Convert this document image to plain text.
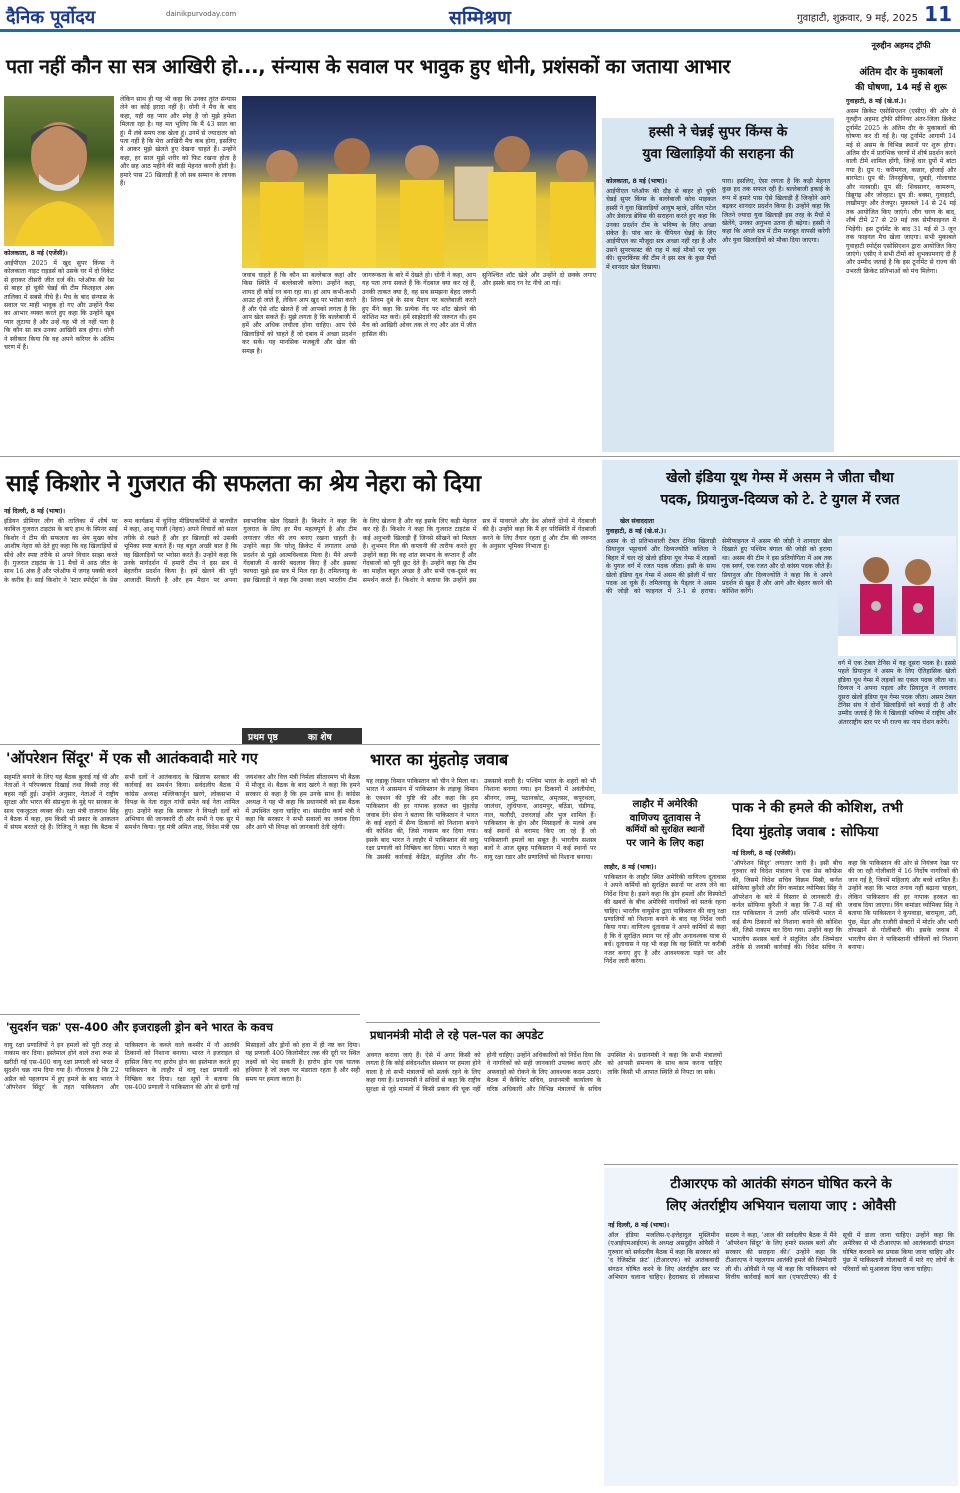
दैनिक पूर्वोदय	dainikpurvoday.com	सम्मिश्रण	गुवाहाटी, शुक्रवार, 9 मई, 2025 11
पता नहीं कौन सा सत्र आखिरी हो..., संन्यास के सवाल पर भावुक हुए धोनी, प्रशंसकों का जताया आभार
कोलकाता, 8 मई (एजेंसी)।
आईपीएल 2025 में खुद सुपर किंग्स ने कोलकाता नाइट राइडर्स को उसके घर में दो विकेट से हराकर तीसरी जीत दर्ज की। प्लेऑफ की रेस से बाहर हो चुकी चेन्नई की टीम फिलहाल अंक तालिका में सबसे नीचे है। मैच के बाद संन्यास के सवाल पर माही भावुक हो गए और उन्होंने फैंस का आभार व्यक्त करते हुए कहा कि उन्होंने खूब प्यार लुटाया है और उन्हें यह भी तो नहीं पता है कि कौन सा सत्र उनका आखिरी सत्र होगा। धोनी ने स्वीकार किया कि वह अपने करियर के अंतिम चरण में हैं।
लेकिन साथ ही यह भी कहा कि उनका तुरंत संन्यास लेने का कोई इरादा नहीं है। धोनी ने मैच के बाद कहा, यही वह प्यार और स्नेह है जो मुझे हमेशा मिलता रहा है। यह मत भूलिए कि मैं 43 साल का हूं। मैं लंबे समय तक खेला हूं। उनमें से ज्यादातर को पता नहीं है कि मेरा आखिरी मैच कब होगा, इसलिए वे आकर मुझे खेलते हुए देखना चाहते हैं। उन्होंने कहा, हर साल मुझे शरीर को फिट रखना होता है और छह आठ महीने की कड़ी मेहनत करनी होती है। हमारे पास 25 खिलाड़ी हैं जो सब सम्मान के लायक हैं।
जवाब चाहते हैं कि कौन सा बल्लेबाज कहां और किस स्थिति में बल्लेबाजी करेगा। उन्होंने कहा, शायद ही कोई रन बना रहा था। हां आप कभी-कभी आउट हो जाते हैं, लेकिन आप खुद पर भरोसा करते हैं और ऐसे शॉट खेलते हैं जो आपको लगता है कि आप खेल सकते हैं। मुझे लगता है कि बल्लेबाजी में हमें और अधिक लचीला होना चाहिए। आप ऐसे खिलाड़ियों को चाहते हैं जो दबाव में अच्छा प्रदर्शन कर सकें। यह मानसिक मजबूती और खेल की समझ है।
जागरूकता के बारे में देखते हो। धोनी ने कहा, आप यह पता लगा सकते हैं कि गेंदबाज क्या कर रहे हैं, उनकी ताकत क्या है, वह सब समझना बेहद जरूरी है। शिवम दुबे के साथ मैदान पर बल्लेबाजी करते हुए मैंने कहा कि प्रत्येक गेंद पर शॉट खेलने की कोशिश मत करो। हमें साझेदारी की जरूरत थी। हम मैच को आखिरी ओवर तक ले गए और अंत में जीत हासिल की।
सुनिश्चित शॉट खेले और उन्होंने दो छक्के लगाए और इसके बाद रन रेट नीचे आ गई।
हस्सी ने चेन्नई सुपर किंग्स के
युवा खिलाड़ियों की सराहना की
कोलकाता, 8 मई (भाषा)।
आईपीएल प्लेऑफ की दौड़ से बाहर हो चुकी चेन्नई सुपर किंग्स के बल्लेबाजी कोच माइकल हस्सी ने युवा खिलाड़ियों आयुष म्हात्रे, उर्विल पटेल और डेवाल्ड ब्रेविस की सराहना करते हुए कहा कि उनका प्रदर्शन टीम के भविष्य के लिए अच्छा संकेत है। पांच बार के चैंपियन चेन्नई के लिए आईपीएल का मौजूदा सत्र अच्छा नहीं रहा है और उसने सुपरफास्ट की राह में कई मौकों पर चूक की। सुपरकिंग्स की टीम ने इस सत्र के कुछ मैचों में शानदार खेल दिखाया।
पारा। इसलिए, ऐसा लगता है कि कड़ी मेहनत कुछ हद तक सफल रही है। बल्लेबाजी इकाई के रूप में हमारे पास ऐसे खिलाड़ी हैं जिन्होंने आगे बढ़कर शानदार प्रदर्शन किया है। उन्होंने कहा कि जितने ज्यादा युवा खिलाड़ी इस तरह के मैचों में खेलेंगे, उनका अनुभव उतना ही बढ़ेगा। हस्सी ने कहा कि अगले सत्र में टीम मजबूत वापसी करेगी और युवा खिलाड़ियों को मौका दिया जाएगा।
नूरुद्दीन अहमद ट्रॉफी
अंतिम दौर के मुकाबलों
की घोषणा, 14 मई से शुरू
गुवाहाटी, 8 मई (खे.सं.)।
असम क्रिकेट एसोसिएशन (एसीए) की ओर से नूरुद्दीन अहमद ट्रॉफी सीनियर अंतर-जिला क्रिकेट टूर्नामेंट 2025 के अंतिम दौर के मुकाबलों की घोषणा कर दी गई है। यह टूर्नामेंट आगामी 14 मई से असम के विभिन्न स्थानों पर शुरू होगा। अंतिम दौर में प्रारंभिक चरणों में शीर्ष प्रदर्शन करने वाली टीमें शामिल होंगी, जिन्हें चार ग्रुपों में बांटा गया है। ग्रुप ए: करीमगंज, कछार, होजाई और बारपेटा। ग्रुप बी: तिनसुकिया, धुबड़ी, गोलाघाट और नलबाड़ी। ग्रुप सी: शिवसागर, कामरूप, डिब्रूगढ़ और जोरहाट। ग्रुप डी: बक्सा, गुवाहाटी, लखीमपुर और तेजपुर। मुकाबले 14 से 24 मई तक आयोजित किए जाएंगे। लीग चरण के बाद, शीर्ष टीमें 27 से 29 मई तक सेमीफाइनल में भिड़ेंगी। इस टूर्नामेंट के बाद 31 मई से 3 जून तक फाइनल मैच खेला जाएगा। सभी मुकाबले गुवाहाटी स्पोर्ट्स एसोसिएशन द्वारा आयोजित किए जाएंगे। एसीए ने सभी टीमों को शुभकामनाएं दी हैं और उम्मीद जताई है कि इस टूर्नामेंट से राज्य की उभरती क्रिकेट प्रतिभाओं को मंच मिलेगा।
साई किशोर ने गुजरात की सफलता का श्रेय नेहरा को दिया
नई दिल्ली, 8 मई (भाषा)।
इंडियन प्रीमियर लीग की तालिका में शीर्ष पर काबिज गुजरात टाइटंस के बाएं हाथ के स्पिनर साई किशोर ने टीम की सफलता का श्रेय मुख्य कोच आशीष नेहरा को देते हुए कहा कि वह खिलाड़ियों से सीधे और स्पष्ट तरीके से अपने विचार साझा करते हैं। गुजरात टाइटंस के 11 मैचों में आठ जीत के साथ 16 अंक हैं और प्लेऑफ में जगह पक्की करने के करीब है। साई किशोर ने 'स्टार स्पोर्ट्स' के प्रेस रूम कार्यक्रम में चुनिंदा मीडियाकर्मियों से बातचीत में कहा, आशु पाजी (नेहरा) अपने विचारों को सरल तरीके से रखते हैं और हर खिलाड़ी को उसकी भूमिका स्पष्ट बताते हैं। यह बहुत अच्छी बात है कि वह खिलाड़ियों पर भरोसा करते हैं। उन्होंने कहा कि उनके मार्गदर्शन में हमारी टीम ने इस सत्र में बेहतरीन प्रदर्शन किया है। हमें खेलने की पूरी आजादी मिलती है और हम मैदान पर अपना स्वाभाविक खेल दिखाते हैं। किशोर ने कहा कि गुजरात के लिए हर मैच महत्वपूर्ण है और टीम लगातार जीत की लय बनाए रखना चाहती है। उन्होंने कहा कि घरेलू क्रिकेट में लगातार अच्छे प्रदर्शन से मुझे आत्मविश्वास मिला है। मैंने अपनी गेंदबाजी में काफी बदलाव किए हैं और इसका फायदा मुझे इस सत्र में मिल रहा है। तमिलनाडु के इस खिलाड़ी ने कहा कि उनका लक्ष्य भारतीय टीम के लिए खेलना है और वह इसके लिए कड़ी मेहनत कर रहे हैं। किशोर ने कहा कि गुजरात टाइटंस में कई अनुभवी खिलाड़ी हैं जिनसे सीखने को मिलता है। शुभमन गिल की कप्तानी की तारीफ करते हुए उन्होंने कहा कि वह शांत स्वभाव के कप्तान हैं और गेंदबाजों को पूरी छूट देते हैं। उन्होंने कहा कि टीम का माहौल बहुत अच्छा है और सभी एक-दूसरे का समर्थन करते हैं। किशोर ने बताया कि उन्होंने इस सत्र में पावरप्ले और डेथ ओवरों दोनों में गेंदबाजी की है। उन्होंने कहा कि मैं हर परिस्थिति में गेंदबाजी करने के लिए तैयार रहता हूं और टीम की जरूरत के अनुसार भूमिका निभाता हूं।
खेलो इंडिया यूथ गेम्स में असम ने जीता चौथा
पदक, प्रियानुज-दिव्यज को टे. टे युगल में रजत
खेल संवाददाता
गुवाहाटी, 8 मई (खे.सं.)।
असम के दो प्रतिभाशाली टेबल टेनिस खिलाड़ी प्रियानुज भट्टाचार्य और दिव्यज्योति कलिता ने बिहार में चल रहे खेलो इंडिया यूथ गेम्स में लड़कों के युगल वर्ग में रजत पदक जीता। इसी के साथ खेलो इंडिया यूथ गेम्स में असम की झोली में चार पदक आ चुके हैं। तमिलनाडु के पैड्लर ने असम की जोड़ी को फाइनल में 3-1 से हराया। सेमीफाइनल में असम की जोड़ी ने शानदार खेल दिखाते हुए पश्चिम बंगाल की जोड़ी को हराया था। असम की टीम ने इस प्रतियोगिता में अब तक एक स्वर्ण, एक रजत और दो कांस्य पदक जीते हैं। प्रियानुज और दिव्यज्योति ने कहा कि वे अपने प्रदर्शन से खुश हैं और आगे और बेहतर करने की कोशिश करेंगे।
वर्ग में एक टेबल टेनिस में यह दूसरा पदक है। इससे पहले प्रियानुज ने असम के लिए ऐतिहासिक खेलो इंडिया यूथ गेम्स में लड़कों का एकल पदक जीता था। दिव्यज ने अपना पहला और प्रियानुज ने लगातार दूसरा खेलो इंडिया यूथ गेम्स पदक जीता। असम टेबल टेनिस संघ ने दोनों खिलाड़ियों को बधाई दी है और उम्मीद जताई है कि ये खिलाड़ी भविष्य में राष्ट्रीय और अंतरराष्ट्रीय स्तर पर भी राज्य का नाम रोशन करेंगे।
प्रथम पृष्ठ	का शेष
'ऑपरेशन सिंदूर' में एक सौ आतंकवादी मारे गए
सहमति बनाने के लिए यह बैठक बुलाई गई थी और नेताओं ने परिपक्वता दिखाई तथा किसी तरह की बहस नहीं हुई। उन्होंने अनुसार, नेताओं ने राष्ट्रीय सुरक्षा और भारत की संप्रभुता के मुद्दे पर सरकार के साथ एकजुटता व्यक्त की। रक्षा मंत्री राजनाथ सिंह ने बैठक में कहा, हम किसी भी प्रकार के आकलन में संयम बरतते रहे हैं। रिजिजू ने कहा कि बैठक में सभी दलों ने आतंकवाद के खिलाफ सरकार की कार्रवाई का समर्थन किया। सर्वदलीय बैठक में कांग्रेस अध्यक्ष मल्लिकार्जुन खरगे, लोकसभा में विपक्ष के नेता राहुल गांधी समेत कई नेता शामिल हुए। उन्होंने कहा कि सरकार ने विपक्षी दलों को अभियान की जानकारी दी और सभी ने एक सुर में समर्थन किया। गृह मंत्री अमित शाह, विदेश मंत्री एस जयशंकर और वित्त मंत्री निर्मला सीतारमण भी बैठक में मौजूद थे। बैठक के बाद खरगे ने कहा कि हमने सरकार से कहा है कि हम उनके साथ हैं। कांग्रेस अध्यक्ष ने यह भी कहा कि प्रधानमंत्री को इस बैठक में उपस्थित रहना चाहिए था। संसदीय कार्य मंत्री ने कहा कि सरकार ने सभी सवालों का जवाब दिया और आगे भी विपक्ष को जानकारी देती रहेगी।
भारत का मुंहतोड़ जवाब
यह लड़ाकू विमान पाकिस्तान को चीन ने मिला था। भारत ने आसमान में पाकिस्तान के लड़ाकू विमान के एक्शन की पुष्टि की और कहा कि हम पाकिस्तान की हर नापाक हरकत का मुंहतोड़ जवाब देंगे। सेना ने बताया कि पाकिस्तान ने भारत के कई शहरों में सैन्य ठिकानों को निशाना बनाने की कोशिश की, जिसे नाकाम कर दिया गया। इसके बाद भारत ने लाहौर में पाकिस्तान की वायु रक्षा प्रणाली को निष्क्रिय कर दिया। भारत ने कहा कि उसकी कार्रवाई केंद्रित, संतुलित और गैर-उकसावे वाली है। पश्चिम भारत के शहरों को भी निशाना बनाया गया। इन ठिकानों में अवंतीपोरा, श्रीनगर, जम्मू, पठानकोट, अमृतसर, कपूरथला, जालंधर, लुधियाना, आदमपुर, बठिंडा, चंडीगढ़, नाल, फलौदी, उत्तरलाई और भुज शामिल हैं। पाकिस्तान के ड्रोन और मिसाइलों के मलबे अब कई स्थानों से बरामद किए जा रहे हैं जो पाकिस्तानी हमलों का सबूत हैं। भारतीय सशस्त्र बलों ने आज सुबह पाकिस्तान में कई स्थानों पर वायु रक्षा रडार और प्रणालियों को निशाना बनाया।
लाहौर में अमेरिकी
वाणिज्य दूतावास ने
कर्मियों को सुरक्षित स्थानों
पर जाने के लिए कहा
लाहौर, 8 मई (भाषा)।
पाकिस्तान के लाहौर स्थित अमेरिकी वाणिज्य दूतावास ने अपने कर्मियों को सुरक्षित स्थानों पर शरण लेने का निर्देश दिया है। इसने कहा कि ड्रोन हमलों और विस्फोटों की खबरों के बीच अमेरिकी नागरिकों को सतर्क रहना चाहिए। भारतीय वायुसेना द्वारा पाकिस्तान की वायु रक्षा प्रणालियों को निशाना बनाने के बाद यह निर्देश जारी किया गया। वाणिज्य दूतावास ने अपने कर्मियों से कहा है कि वे सुरक्षित स्थान पर रहें और अनावश्यक यात्रा से बचें। दूतावास ने यह भी कहा कि वह स्थिति पर करीबी नजर बनाए हुए है और आवश्यकता पड़ने पर और निर्देश जारी करेगा।
पाक ने की हमले की कोशिश, तभी
दिया मुंहतोड़ जवाब : सोफिया
नई दिल्ली, 8 मई (एजेंसी)।
'ऑपरेशन सिंदूर' लगातार जारी है। इसी बीच गुरुवार को विदेश मंत्रालय ने एक प्रेस कॉन्फ्रेंस की, जिसमें विदेश सचिव विक्रम मिस्री, कर्नल सोफिया कुरैशी और विंग कमांडर व्योमिका सिंह ने ऑपरेशन के बारे में विस्तार से जानकारी दी। कर्नल सोफिया कुरैशी ने कहा कि 7-8 मई की रात पाकिस्तान ने उत्तरी और पश्चिमी भारत में कई सैन्य ठिकानों को निशाना बनाने की कोशिश की, जिसे नाकाम कर दिया गया। उन्होंने कहा कि भारतीय सशस्त्र बलों ने संतुलित और जिम्मेदार तरीके से जवाबी कार्रवाई की। विदेश सचिव ने कहा कि पाकिस्तान की ओर से नियंत्रण रेखा पर की जा रही गोलीबारी में 16 निर्दोष नागरिकों की जान गई है, जिनमें महिलाएं और बच्चे शामिल हैं। उन्होंने कहा कि भारत तनाव नहीं बढ़ाना चाहता, लेकिन पाकिस्तान की हर नापाक हरकत का जवाब दिया जाएगा। विंग कमांडर व्योमिका सिंह ने बताया कि पाकिस्तान ने कुपवाड़ा, बारामूला, उरी, पुंछ, मेंढर और राजौरी सेक्टरों में मोर्टार और भारी तोपखाने से गोलीबारी की। इसके जवाब में भारतीय सेना ने पाकिस्तानी चौकियों को निशाना बनाया।
'सुदर्शन चक्र' एस-400 और इजराइली ड्रोन बने भारत के कवच
वायु रक्षा प्रणालियों ने इन हमलों को पूरी तरह से नाकाम कर दिया। इस्तेमाल होने वाले तथा रूस से खरीदी गई एस-400 वायु रक्षा प्रणाली को भारत में सुदर्शन चक्र नाम दिया गया है। गौरतलब है कि 22 अप्रैल को पहलगाम में हुए हमले के बाद भारत ने 'ऑपरेशन सिंदूर' के तहत पाकिस्तान और पाकिस्तान के कब्जे वाले कश्मीर में नौ आतंकी ठिकानों को निशाना बनाया। भारत ने इजराइल से हासिल किए गए हारोप ड्रोन का इस्तेमाल करते हुए पाकिस्तान के लाहौर में वायु रक्षा प्रणाली को निष्क्रिय कर दिया। रक्षा सूत्रों ने बताया कि एस-400 प्रणाली ने पाकिस्तान की ओर से दागी गई मिसाइलों और ड्रोनों को हवा में ही नष्ट कर दिया। यह प्रणाली 400 किलोमीटर तक की दूरी पर स्थित लक्ष्यों को भेद सकती है। हारोप ड्रोन एक घातक हथियार है जो लक्ष्य पर मंडराता रहता है और सही समय पर हमला करता है।
प्रधानमंत्री मोदी ले रहे पल-पल का अपडेट
अवगत कराया जाएं हैं। ऐसे में अगर किसी को लगता है कि कोई संवेदनशील संस्थान पर हमला होने वाला है तो सभी मंत्रालयों को सतर्क रहने के लिए कहा गया है। प्रधानमंत्री ने सचिवों से कहा कि राष्ट्रीय सुरक्षा से जुड़े मामलों में किसी प्रकार की चूक नहीं होनी चाहिए। उन्होंने अधिकारियों को निर्देश दिया कि वे नागरिकों को सही जानकारी उपलब्ध कराएं और अफवाहों को रोकने के लिए आवश्यक कदम उठाएं। बैठक में कैबिनेट सचिव, प्रधानमंत्री कार्यालय के वरिष्ठ अधिकारी और विभिन्न मंत्रालयों के सचिव उपस्थित थे। प्रधानमंत्री ने कहा कि सभी मंत्रालयों को आपसी समन्वय के साथ काम करना चाहिए ताकि किसी भी आपात स्थिति से निपटा जा सके।
टीआरएफ को आतंकी संगठन घोषित करने के
लिए अंतर्राष्ट्रीय अभियान चलाया जाए : ओवैसी
नई दिल्ली, 8 मई (भाषा)।
ऑल इंडिया मजलिस-ए-इत्तेहादुल मुस्लिमीन (एआईएमआईएम) के अध्यक्ष असदुद्दीन ओवैसी ने गुरुवार को सर्वदलीय बैठक में कहा कि सरकार को 'द रेजिस्टेंस फ्रंट' (टीआरएफ) को आतंकवादी संगठन घोषित करने के लिए अंतर्राष्ट्रीय स्तर पर अभियान चलाना चाहिए। हैदराबाद से लोकसभा सदस्य ने कहा, 'आज की सर्वदलीय बैठक में मैंने 'ऑपरेशन सिंदूर' के लिए हमारे सशस्त्र बलों और सरकार की सराहना की।' उन्होंने कहा कि टीआरएफ ने पहलगाम आतंकी हमले की जिम्मेदारी ली थी। ओवैसी ने यह भी कहा कि पाकिस्तान को वित्तीय कार्रवाई कार्य बल (एफएटीएफ) की ग्रे सूची में डाला जाना चाहिए। उन्होंने कहा कि अमेरिका से भी टीआरएफ को आतंकवादी संगठन घोषित करवाने का प्रयास किया जाना चाहिए और पुंछ में पाकिस्तानी गोलाबारी में मारे गए लोगों के परिवारों को मुआवजा दिया जाना चाहिए।
